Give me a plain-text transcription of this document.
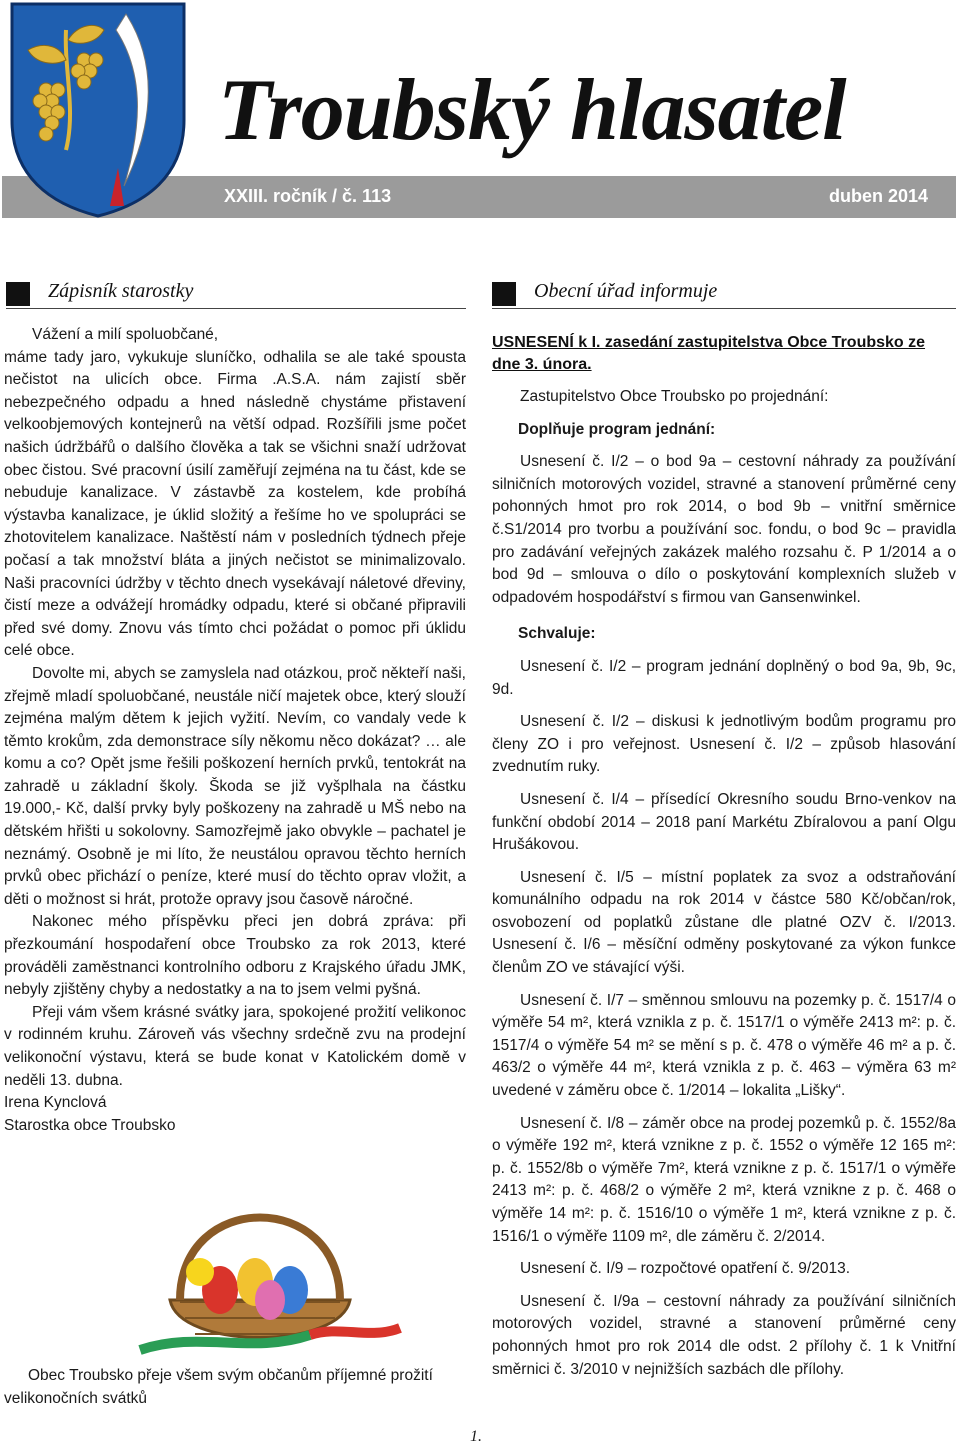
XXIII. ročník / č. 113	duben 2014
Troubský hlasatel
Zápisník starostky	Obecní úřad informuje

Vážení a milí spoluobčané,

máme tady jaro, vykukuje sluníčko, odhalila se ale také spousta nečistot na ulicích obce. Firma .A.S.A. nám zajistí sběr nebezpečného odpadu a hned následně chystáme přistavení velkoobjemových kontejnerů na větší odpad. Rozšířili jsme počet našich údržbářů o dalšího člověka a tak se všichni snaží udržovat obec čistou. Své pracovní úsilí zaměřují zejména na tu část, kde se nebuduje kanalizace. V zástavbě za kostelem, kde probíhá výstavba kanalizace, je úklid složitý a řešíme ho ve spolupráci se zhotovitelem kanalizace. Naštěstí nám v posledních týdnech přeje počasí a tak množství bláta a jiných nečistot se minimalizovalo. Naši pracovníci údržby v těchto dnech vysekávají náletové dřeviny, čistí meze a odvážejí hromádky odpadu, které si občané připravili před své domy. Znovu vás tímto chci požádat o pomoc při úklidu celé obce.

Dovolte mi, abych se zamyslela nad otázkou, proč někteří naši, zřejmě mladí spoluobčané, neustále ničí majetek obce, který slouží zejména malým dětem k jejich vyžití. Nevím, co vandaly vede k těmto krokům, zda demonstrace síly někomu něco dokázat? … ale komu a co? Opět jsme řešili poškození herních prvků, tentokrát na zahradě u základní školy. Škoda se již vyšplhala na částku 19.000,- Kč, další prvky byly poškozeny na zahradě u MŠ nebo na dětském hřišti u sokolovny. Samozřejmě jako obvykle – pachatel je neznámý. Osobně je mi líto, že neustálou opravou těchto herních prvků obec přichází o peníze, které musí do těchto oprav vložit, a děti o možnost si hrát, protože opravy jsou časově náročné.

Nakonec mého příspěvku přeci jen dobrá zpráva: při přezkoumání hospodaření obce Troubsko za rok 2013, které prováděli zaměstnanci kontrolního odboru z Krajského úřadu JMK, nebyly zjištěny chyby a nedostatky a na to jsem velmi pyšná.

Přeji vám všem krásné svátky jara, spokojené prožití velikonoc v rodinném kruhu. Zároveň vás všechny srdečně zvu na prodejní velikonoční výstavu, která se bude konat v Katolickém domě v neděli 13. dubna.

Irena Kynclová

Starostka obce Troubsko

Obec Troubsko přeje všem svým občanům příjemné prožití velikonočních svátků

USNESENÍ k I. zasedání zastupitelstva Obce Troubsko ze dne 3. února.

Zastupitelstvo Obce Troubsko po projednání:

Doplňuje program jednání:

Usnesení č. I/2 – o bod 9a – cestovní náhrady za používání silničních motorových vozidel, stravné a stanovení průměrné ceny pohonných hmot pro rok 2014, o bod 9b – vnitřní směrnice č.S1/2014 pro tvorbu a používání soc. fondu, o bod 9c – pravidla pro zadávání veřejných zakázek malého rozsahu č. P 1/2014 a o bod 9d – smlouva o dílo o poskytování komplexních služeb v odpadovém hospodářství s firmou van Gansenwinkel.

Schvaluje:

Usnesení č. I/2 – program jednání doplněný o bod 9a, 9b, 9c, 9d.

Usnesení č. I/2 – diskusi k jednotlivým bodům programu pro členy ZO i pro veřejnost. Usnesení č. I/2 – způsob hlasování zvednutím ruky.

Usnesení č. I/4 – přísedící Okresního soudu Brno-venkov na funkční období 2014 – 2018 paní Markétu Zbíralovou a paní Olgu Hrušákovou.

Usnesení č. I/5 – místní poplatek za svoz a odstraňování komunálního odpadu na rok 2014 v částce 580 Kč/občan/rok, osvobození od poplatků zůstane dle platné OZV č. I/2013. Usnesení č. I/6 – měsíční odměny poskytované za výkon funkce členům ZO ve stávající výši.

Usnesení č. I/7 – směnnou smlouvu na pozemky p. č. 1517/4 o výměře 54 m², která vznikla z p. č. 1517/1 o výměře 2413 m²: p. č. 1517/4 o výměře 54 m² se mění s p. č. 478 o výměře 46 m² a p. č. 463/2 o výměře 44 m², která vznikla z p. č. 463 – výměra 63 m² uvedené v záměru obce č. 1/2014 – lokalita „Lišky“.

Usnesení č. I/8 – záměr obce na prodej pozemků p. č. 1552/8a o výměře 192 m², která vznikne z p. č. 1552 o výměře 12 165 m²: p. č. 1552/8b o výměře 7m², která vznikne z p. č. 1517/1 o výměře 2413 m²: p. č. 468/2 o výměře 2 m², která vznikne z p. č. 468 o výměře 14 m²: p. č. 1516/10 o výměře 1 m², která vznikne z p. č. 1516/1 o výměře 1109 m², dle záměru č. 2/2014.

Usnesení č. I/9 – rozpočtové opatření č. 9/2013.

Usnesení č. I/9a – cestovní náhrady za používání silničních motorových vozidel, stravné a stanovení průměrné ceny pohonných hmot pro rok 2014 dle odst. 2 přílohy č. 1 k Vnitřní směrnici č. 3/2010 v nejnižších sazbách dle přílohy.

1.
